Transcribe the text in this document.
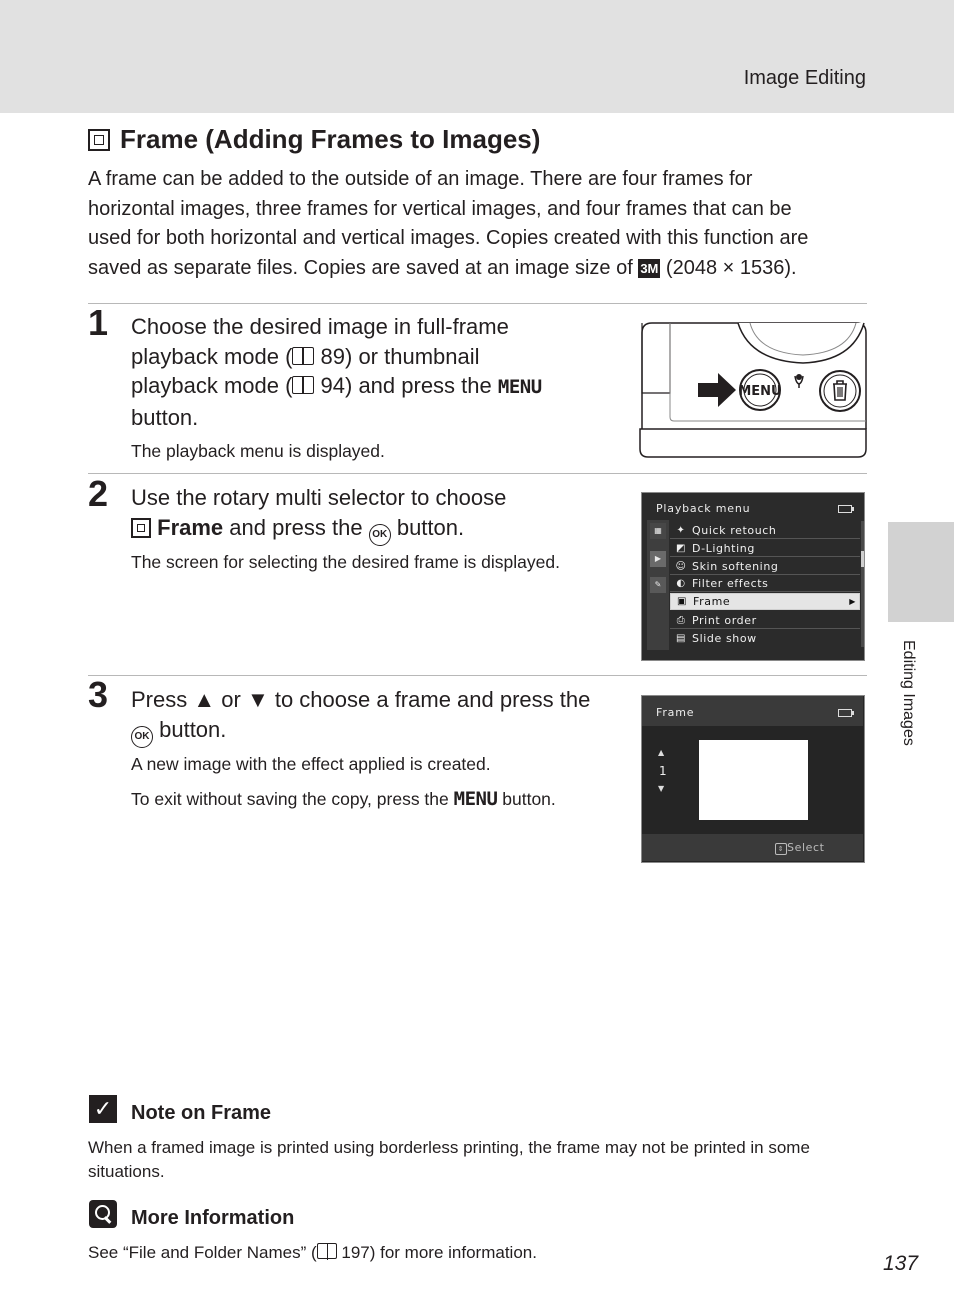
Image Editing
Editing Images
Frame (Adding Frames to Images)

A frame can be added to the outside of an image. There are four frames for

horizontal images, three frames for vertical images, and four frames that can be

used for both horizontal and vertical images. Copies created with this function are

saved as separate files. Copies are saved at an image size of 3M (2048 × 1536).

1 Choose the desired image in full-frame
playback mode ( 89) or thumbnail
playback mode ( 94) and press the MENU
button.
The playback menu is displayed.
MENU
2 Use the rotary multi selector to choose
Frame and press the OK button.
The screen for selecting the desired frame is displayed.
Playback menu
▦
▶
✎
✦ Quick retouch
◩ D-Lighting
☺ Skin softening
◐ Filter effects
▣ Frame	▶
⎙ Print order
▤ Slide show
3 Press ▲ or ▼ to choose a frame and press the
OK button.
A new image with the effect applied is created.
To exit without saving the copy, press the MENU button.
Frame
▲
1
▼
⇕ Select
✓ Note on Frame
When a framed image is printed using borderless printing, the frame may not be printed in some
situations.
More Information
See “File and Folder Names” ( 197) for more information.	137
